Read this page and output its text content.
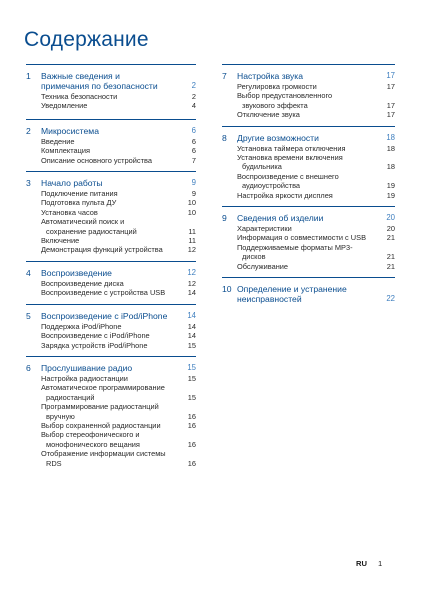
Содержание
1	Важные сведения и
примечания по безопасности	2
Техника безопасности	2
Уведомление	4
2	Микросистема	6
Введение	6
Комплектация	6
Описание основного устройства	7
3	Начало работы	9
Подключение питания	9
Подготовка пульта ДУ	10
Установка часов	10
Автоматический поиск и
сохранение радиостанций	11
Включение	11
Демонстрация функций устройства	12
4	Воспроизведение	12
Воспроизведение диска	12
Воспроизведение с устройства USB	14
5	Воспроизведение с iPod/iPhone	14
Поддержка iPod/iPhone	14
Воспроизведение с iPod/iPhone	14
Зарядка устройств iPod/iPhone	15
6	Прослушивание радио	15
Настройка радиостанции	15
Автоматическое программирование
радиостанций	15
Программирование радиостанций
вручную	16
Выбор сохраненной радиостанции	16
Выбор стереофонического и
монофонического вещания	16
Отображение информации системы
RDS	16
7	Настройка звука	17
Регулировка громкости	17
Выбор предустановленного
звукового эффекта	17
Отключение звука	17
8	Другие возможности	18
Установка таймера отключения	18
Установка времени включения
будильника	18
Воспроизведение с внешнего
аудиоустройства	19
Настройка яркости дисплея	19
9	Сведения об изделии	20
Характеристики	20
Информация о совместимости с USB	21
Поддерживаемые форматы MP3-
дисков	21
Обслуживание	21
10 Определение и устранение
неисправностей	22
RU 1
